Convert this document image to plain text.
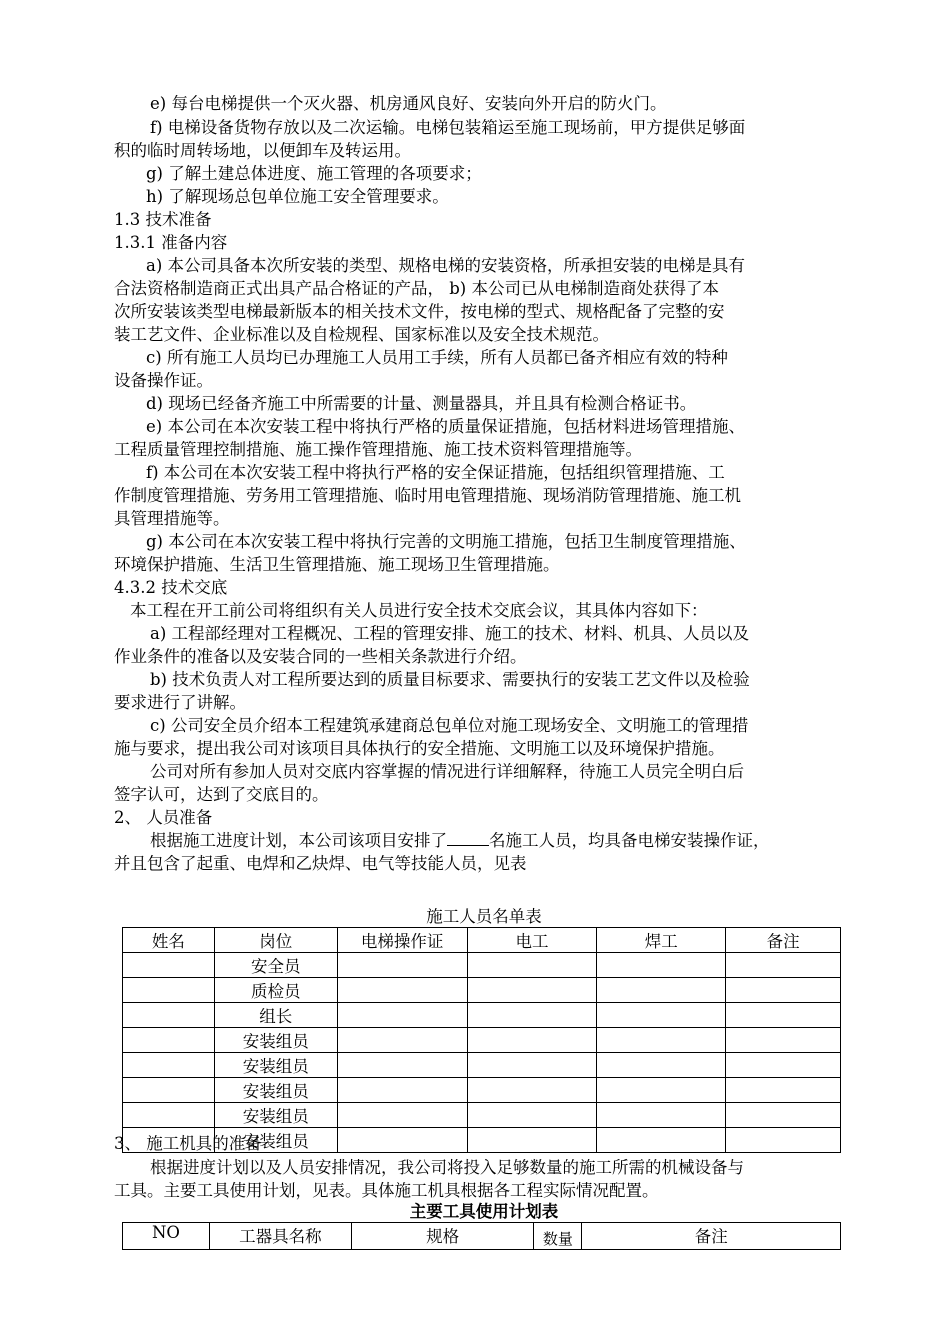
e) 每台电梯提供一个灭火器、机房通风良好、安装向外开启的防火门。
f) 电梯设备货物存放以及二次运输。电梯包装箱运至施工现场前，甲方提供足够面
积的临时周转场地，以便卸车及转运用。
g) 了解土建总体进度、施工管理的各项要求；
h) 了解现场总包单位施工安全管理要求。
1.3 技术准备
1.3.1 准备内容
a) 本公司具备本次所安装的类型、规格电梯的安装资格，所承担安装的电梯是具有
合法资格制造商正式出具产品合格证的产品， b) 本公司已从电梯制造商处获得了本
次所安装该类型电梯最新版本的相关技术文件，按电梯的型式、规格配备了完整的安
装工艺文件、企业标准以及自检规程、国家标准以及安全技术规范。
c) 所有施工人员均已办理施工人员用工手续，所有人员都已备齐相应有效的特种
设备操作证。
d) 现场已经备齐施工中所需要的计量、测量器具，并且具有检测合格证书。
e) 本公司在本次安装工程中将执行严格的质量保证措施，包括材料进场管理措施、
工程质量管理控制措施、施工操作管理措施、施工技术资料管理措施等。
f) 本公司在本次安装工程中将执行严格的安全保证措施，包括组织管理措施、工
作制度管理措施、劳务用工管理措施、临时用电管理措施、现场消防管理措施、施工机
具管理措施等。
g) 本公司在本次安装工程中将执行完善的文明施工措施，包括卫生制度管理措施、
环境保护措施、生活卫生管理措施、施工现场卫生管理措施。
4.3.2 技术交底
本工程在开工前公司将组织有关人员进行安全技术交底会议，其具体内容如下：
a) 工程部经理对工程概况、工程的管理安排、施工的技术、材料、机具、人员以及
作业条件的准备以及安装合同的一些相关条款进行介绍。
b) 技术负责人对工程所要达到的质量目标要求、需要执行的安装工艺文件以及检验
要求进行了讲解。
c) 公司安全员介绍本工程建筑承建商总包单位对施工现场安全、文明施工的管理措
施与要求，提出我公司对该项目具体执行的安全措施、文明施工以及环境保护措施。
公司对所有参加人员对交底内容掌握的情况进行详细解释，待施工人员完全明白后
签字认可，达到了交底目的。
2、 人员准备
根据施工进度计划，本公司该项目安排了	名施工人员，均具备电梯安装操作证，
并且包含了起重、电焊和乙炔焊、电气等技能人员，见表
施工人员名单表
姓名	岗位	电梯操作证	电工	焊工	备注
	安全员				
	质检员				
	组长				
	安装组员				
	安装组员				
	安装组员				
	安装组员				
	安装组员				
3、 施工机具的准备
根据进度计划以及人员安排情况，我公司将投入足够数量的施工所需的机械设备与
工具。主要工具使用计划，见表。具体施工机具根据各工程实际情况配置。
主要工具使用计划表
NO	工器具名称	规格	数量	备注
